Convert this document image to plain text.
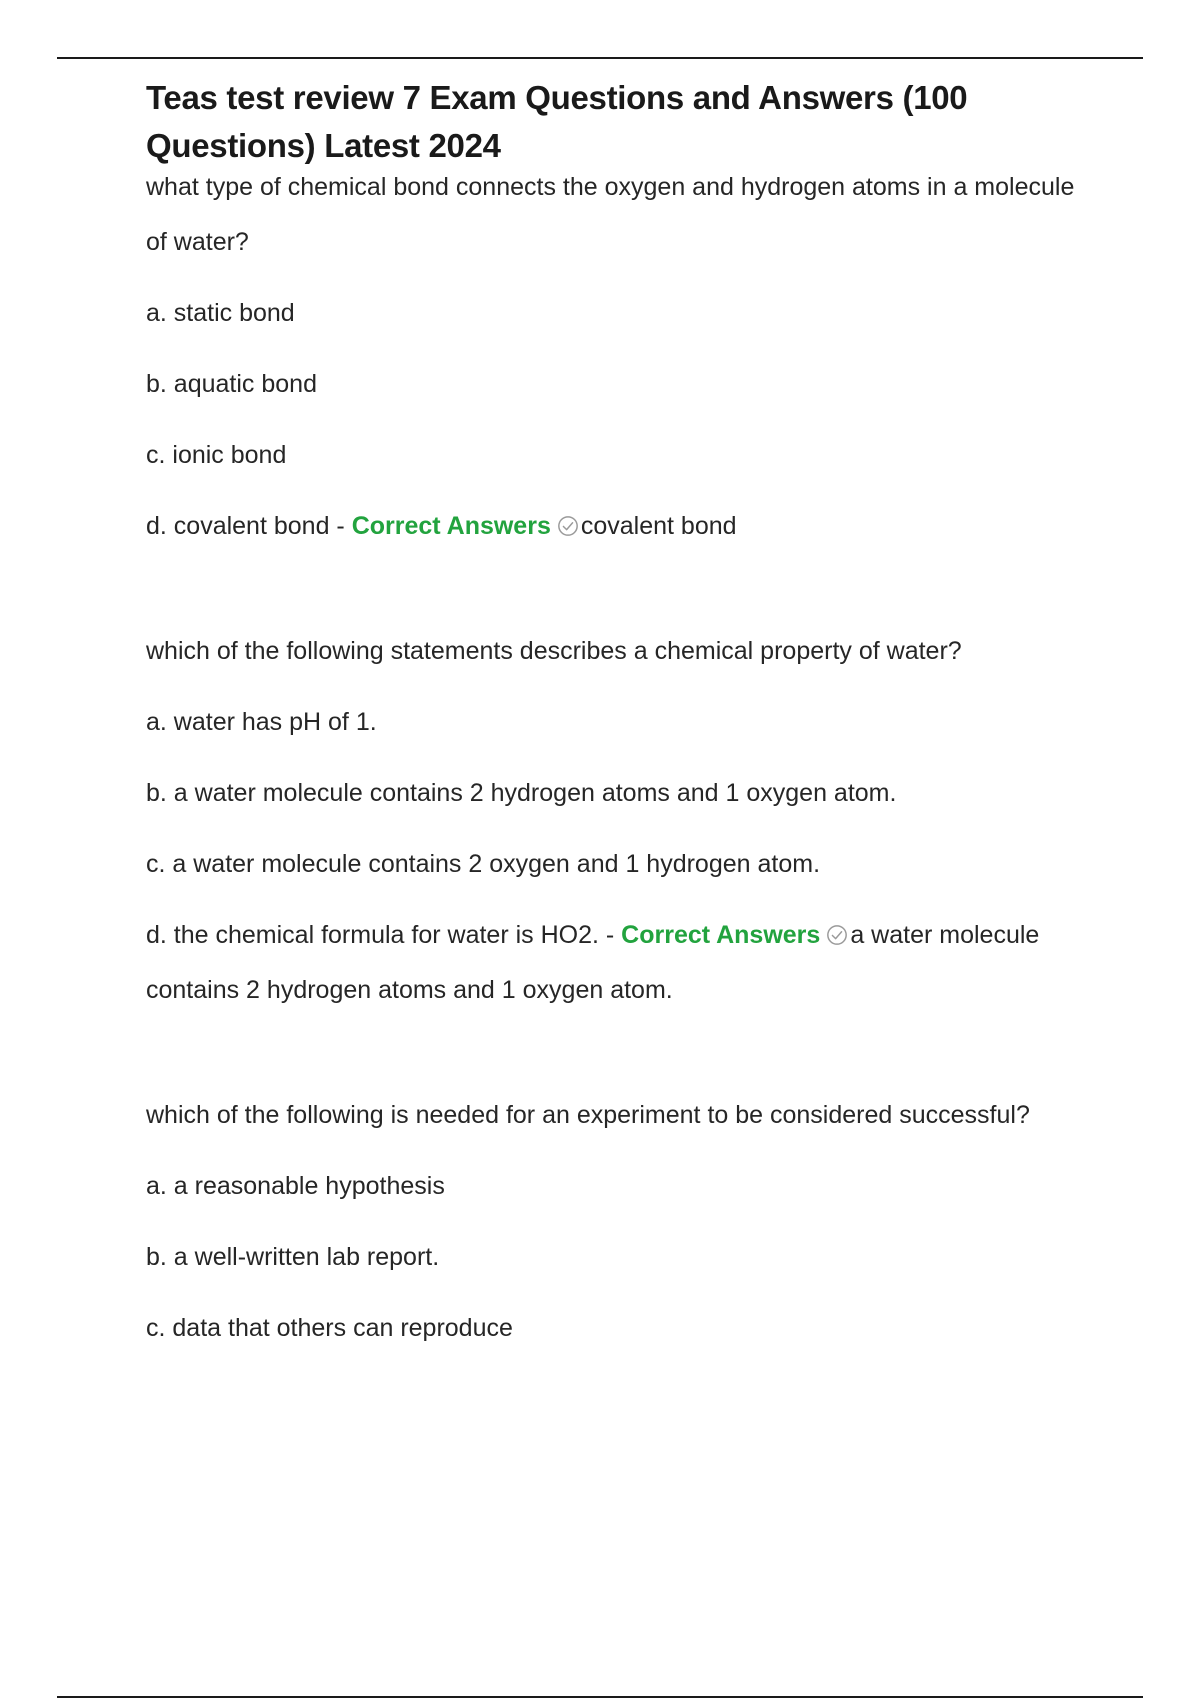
Teas test review 7 Exam Questions and Answers (100 Questions) Latest 2024

what type of chemical bond connects the oxygen and hydrogen atoms in a molecule of water?

a. static bond

b. aquatic bond

c. ionic bond

d. covalent bond - Correct Answers covalent bond

which of the following statements describes a chemical property of water?

a. water has pH of 1.

b. a water molecule contains 2 hydrogen atoms and 1 oxygen atom.

c. a water molecule contains 2 oxygen and 1 hydrogen atom.

d. the chemical formula for water is HO2. - Correct Answers a water molecule contains 2 hydrogen atoms and 1 oxygen atom.

which of the following is needed for an experiment to be considered successful?

a. a reasonable hypothesis

b. a well-written lab report.

c. data that others can reproduce
